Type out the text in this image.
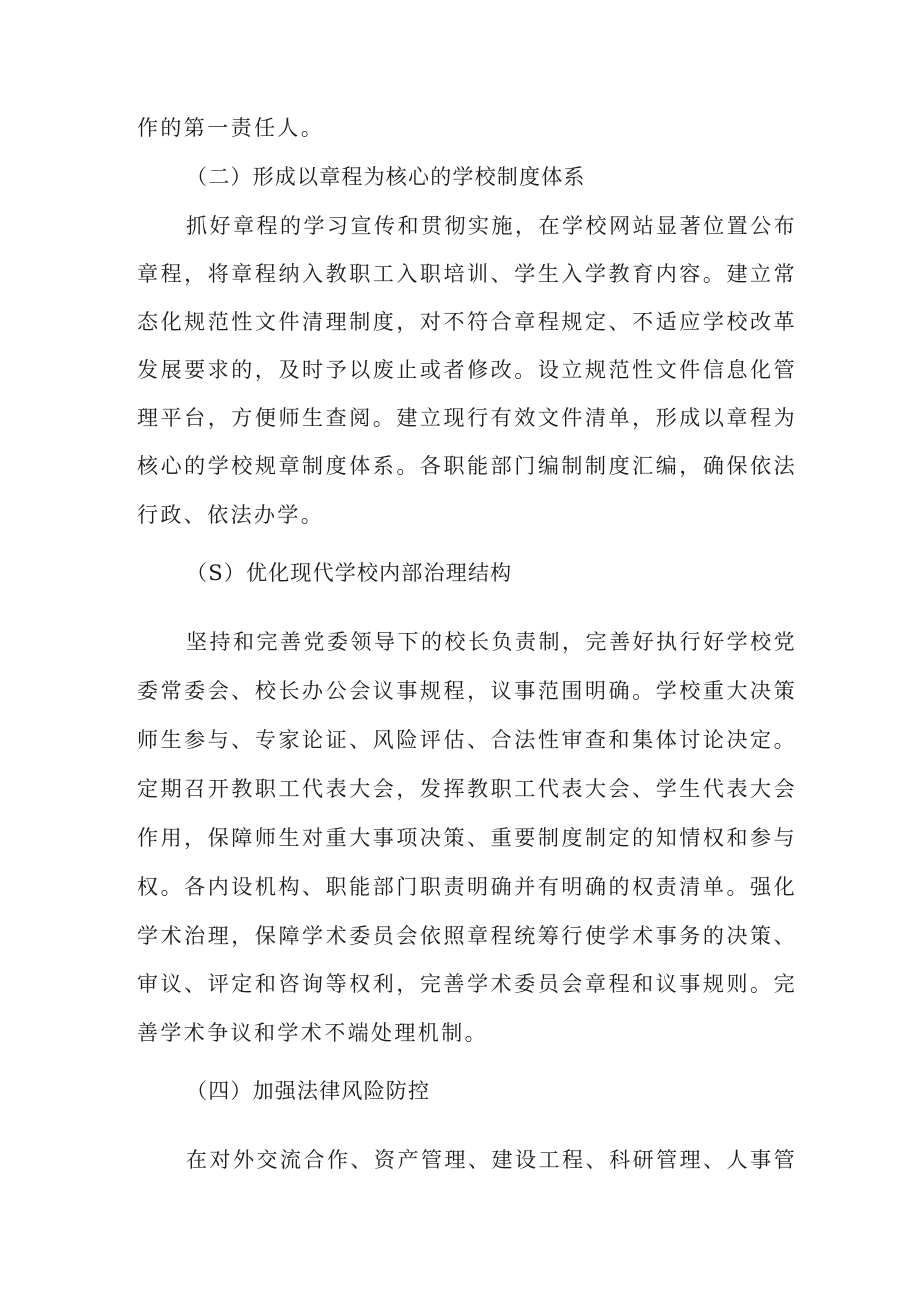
作的第一责任人。
（二）形成以章程为核心的学校制度体系
抓好章程的学习宣传和贯彻实施，在学校网站显著位置公布
章程，将章程纳入教职工入职培训、学生入学教育内容。建立常
态化规范性文件清理制度，对不符合章程规定、不适应学校改革
发展要求的，及时予以废止或者修改。设立规范性文件信息化管
理平台，方便师生查阅。建立现行有效文件清单，形成以章程为
核心的学校规章制度体系。各职能部门编制制度汇编，确保依法
行政、依法办学。
（S）优化现代学校内部治理结构
坚持和完善党委领导下的校长负责制，完善好执行好学校党
委常委会、校长办公会议事规程，议事范围明确。学校重大决策
师生参与、专家论证、风险评估、合法性审查和集体讨论决定。
定期召开教职工代表大会，发挥教职工代表大会、学生代表大会
作用，保障师生对重大事项决策、重要制度制定的知情权和参与
权。各内设机构、职能部门职责明确并有明确的权责清单。强化
学术治理，保障学术委员会依照章程统筹行使学术事务的决策、
审议、评定和咨询等权利，完善学术委员会章程和议事规则。完
善学术争议和学术不端处理机制。
（四）加强法律风险防控
在对外交流合作、资产管理、建设工程、科研管理、人事管
